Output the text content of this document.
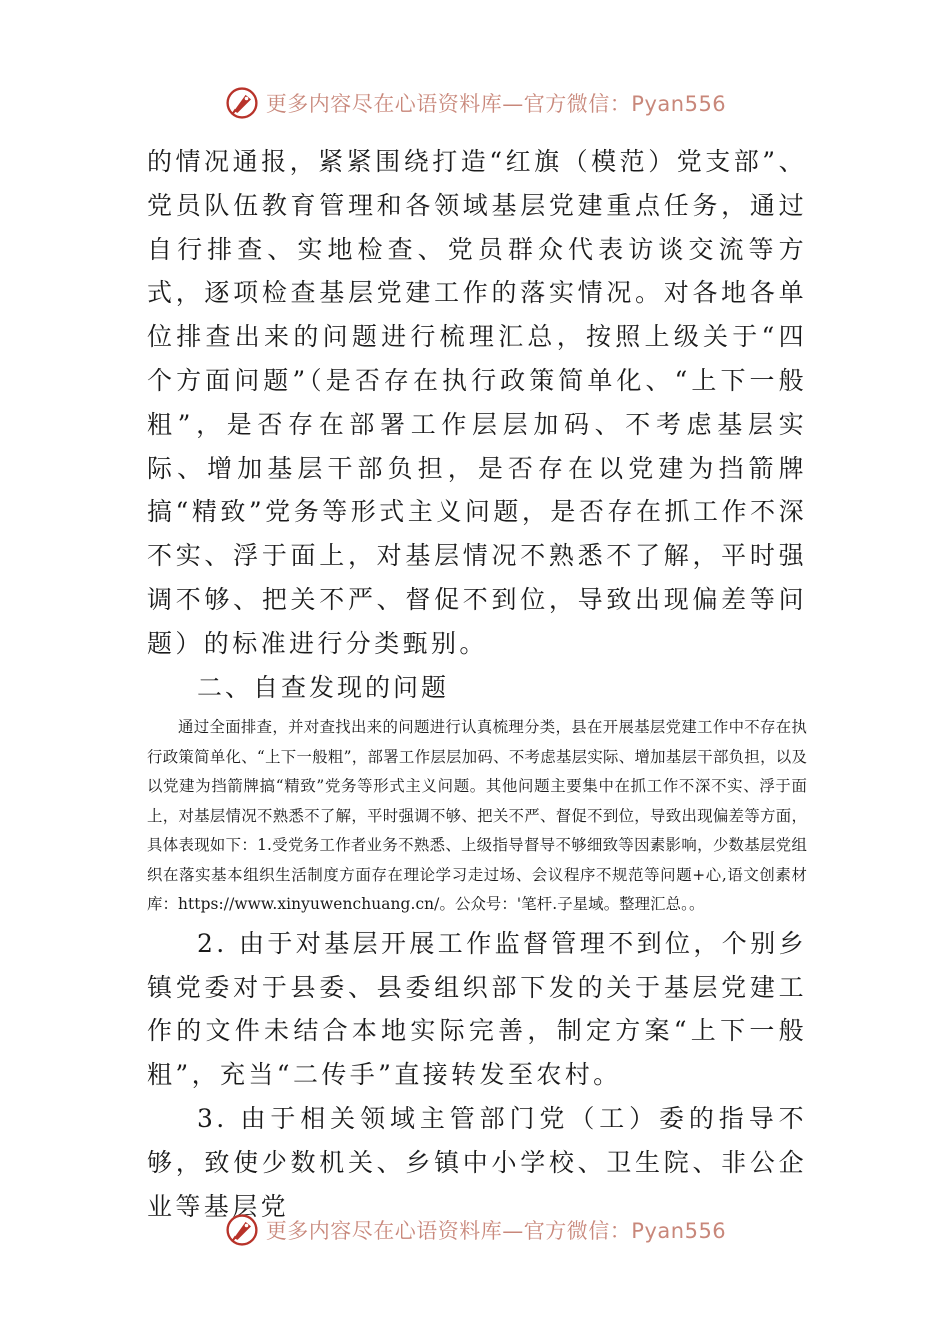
更多内容尽在心语资料库—官方微信：Pyan556

的情况通报，紧紧围绕打造“红旗（模范）党支部”、党员队伍教育管理和各领域基层党建重点任务，通过自行排查、实地检查、党员群众代表访谈交流等方式，逐项检查基层党建工作的落实情况。对各地各单位排查出来的问题进行梳理汇总，按照上级关于“四个方面问题”（是否存在执行政策简单化、“上下一般粗”，是否存在部署工作层层加码、不考虑基层实际、增加基层干部负担，是否存在以党建为挡箭牌搞“精致”党务等形式主义问题，是否存在抓工作不深不实、浮于面上，对基层情况不熟悉不了解，平时强调不够、把关不严、督促不到位，导致出现偏差等问题）的标准进行分类甄别。

二、自查发现的问题

通过全面排查，并对查找出来的问题进行认真梳理分类，县在开展基层党建工作中不存在执行政策简单化、“上下一般粗”，部署工作层层加码、不考虑基层实际、增加基层干部负担，以及以党建为挡箭牌搞“精致”党务等形式主义问题。其他问题主要集中在抓工作不深不实、浮于面上，对基层情况不熟悉不了解，平时强调不够、把关不严、督促不到位，导致出现偏差等方面，具体表现如下：1.受党务工作者业务不熟悉、上级指导督导不够细致等因素影响，少数基层党组织在落实基本组织生活制度方面存在理论学习走过场、会议程序不规范等问题+心,语文创素材库：https://www.xinyuwenchuang.cn/。公众号：'笔杆.子星域。整理汇总。。

2. 由于对基层开展工作监督管理不到位，个别乡镇党委对于县委、县委组织部下发的关于基层党建工作的文件未结合本地实际完善，制定方案“上下一般粗”，充当“二传手”直接转发至农村。

3. 由于相关领域主管部门党（工）委的指导不够，致使少数机关、乡镇中小学校、卫生院、非公企业等基层党

更多内容尽在心语资料库—官方微信：Pyan556
